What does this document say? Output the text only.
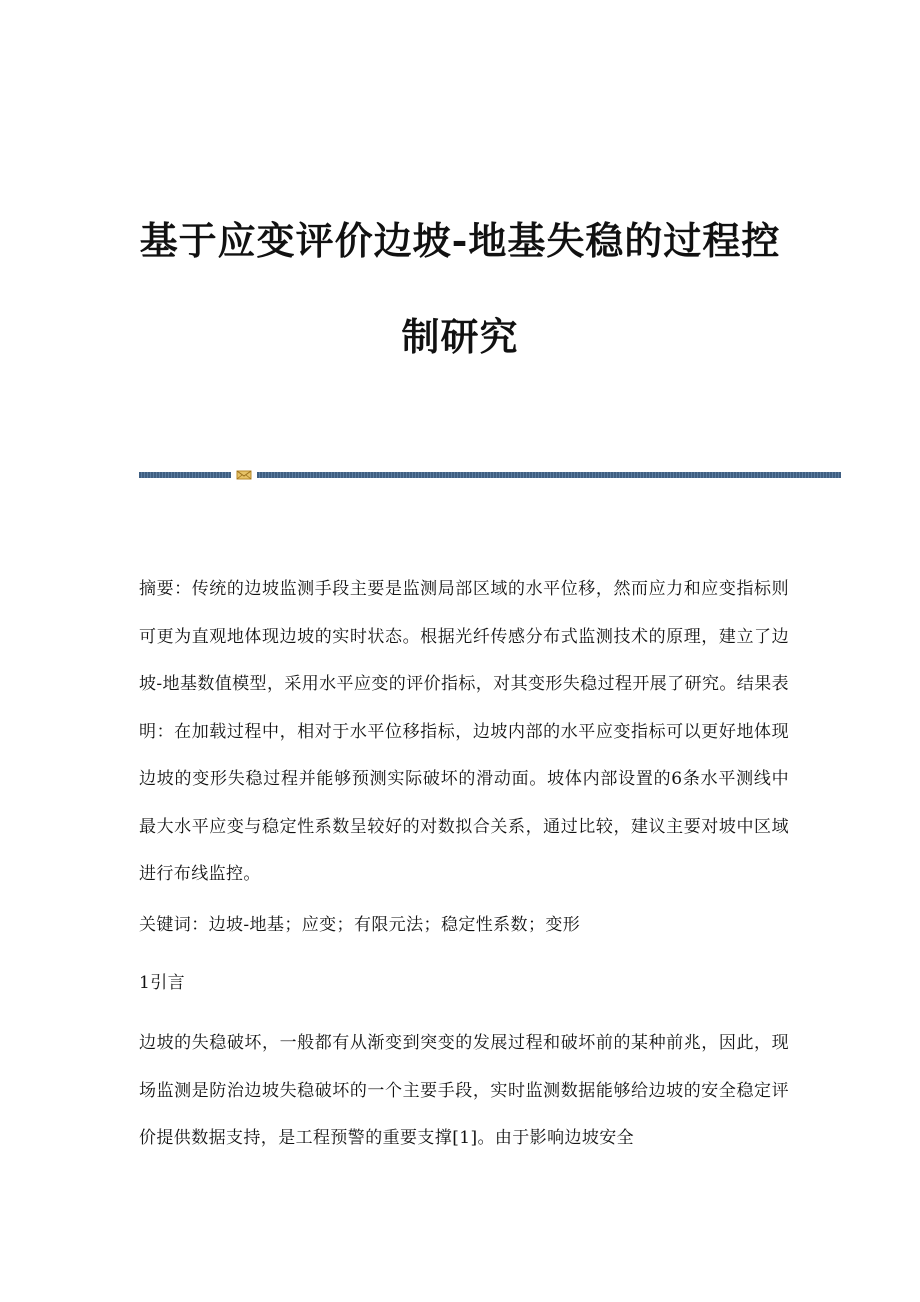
基于应变评价边坡-地基失稳的过程控
制研究

摘要：传统的边坡监测手段主要是监测局部区域的水平位移，然而应力和应变指标则可更为直观地体现边坡的实时状态。根据光纤传感分布式监测技术的原理，建立了边坡-地基数值模型，采用水平应变的评价指标，对其变形失稳过程开展了研究。结果表明：在加载过程中，相对于水平位移指标，边坡内部的水平应变指标可以更好地体现边坡的变形失稳过程并能够预测实际破坏的滑动面。坡体内部设置的6条水平测线中最大水平应变与稳定性系数呈较好的对数拟合关系，通过比较，建议主要对坡中区域进行布线监控。

关键词：边坡-地基；应变；有限元法；稳定性系数；变形

1引言

边坡的失稳破坏，一般都有从渐变到突变的发展过程和破坏前的某种前兆，因此，现场监测是防治边坡失稳破坏的一个主要手段，实时监测数据能够给边坡的安全稳定评价提供数据支持，是工程预警的重要支撑[1]。由于影响边坡安全
